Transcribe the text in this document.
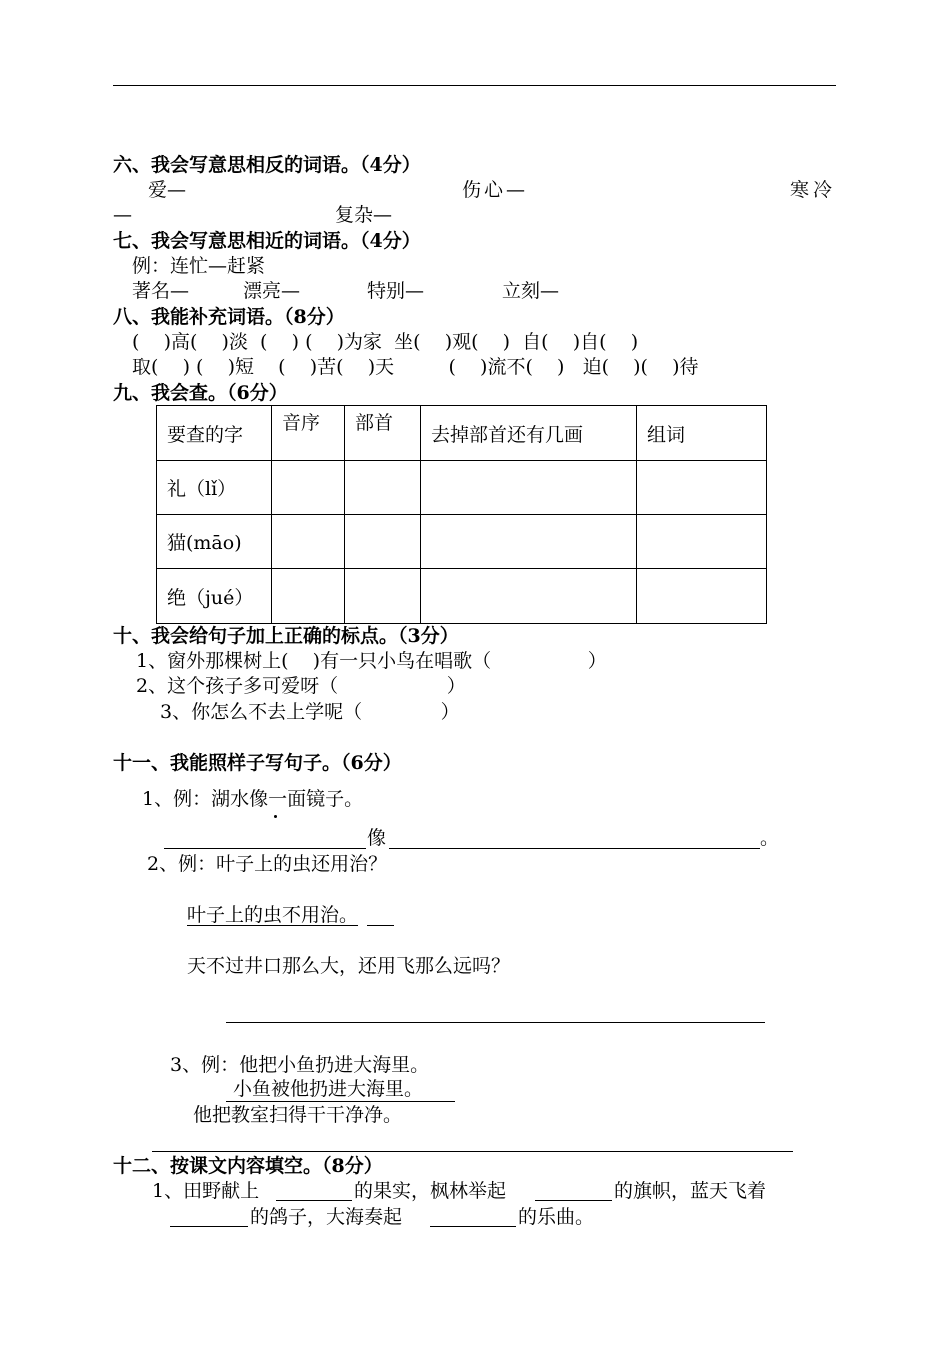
六、我会写意思相反的词语。（4分）
爱—	伤心—	寒冷
—	复杂—
七、我会写意思相近的词语。（4分）
例：连忙—赶紧
著名—	漂亮—	特别—	立刻—
八、我能补充词语。（8分）
(    )高(    )淡  (    ) (    )为家  坐(    )观(    )  自(    )自(    )
取(    ) (    )短    (    )苦(    )天         (    )流不(    )   迫(    )(    )待
九、我会查。（6分）
要查的字	音序	部首	去掉部首还有几画	组词

礼（lǐ）				

猫(māo)				

绝（jué）				

十、我会给句子加上正确的标点。（3分）
1、窗外那棵树上(    )有一只小鸟在唱歌（                ）
2、这个孩子多可爱呀（                  ）
3、你怎么不去上学呢（             ）
十一、我能照样子写句子。（6分）
1、例：湖水像一面镜子。
像	。
2、例：叶子上的虫还用治？
叶子上的虫不用治。
天不过井口那么大，还用飞那么远吗？
3、例：他把小鱼扔进大海里。
小鱼被他扔进大海里。
他把教室扫得干干净净。
十二、按课文内容填空。（8分）
1、田野献上	的果实，枫林举起	的旗帜，蓝天飞着
的鸽子，大海奏起	的乐曲。
